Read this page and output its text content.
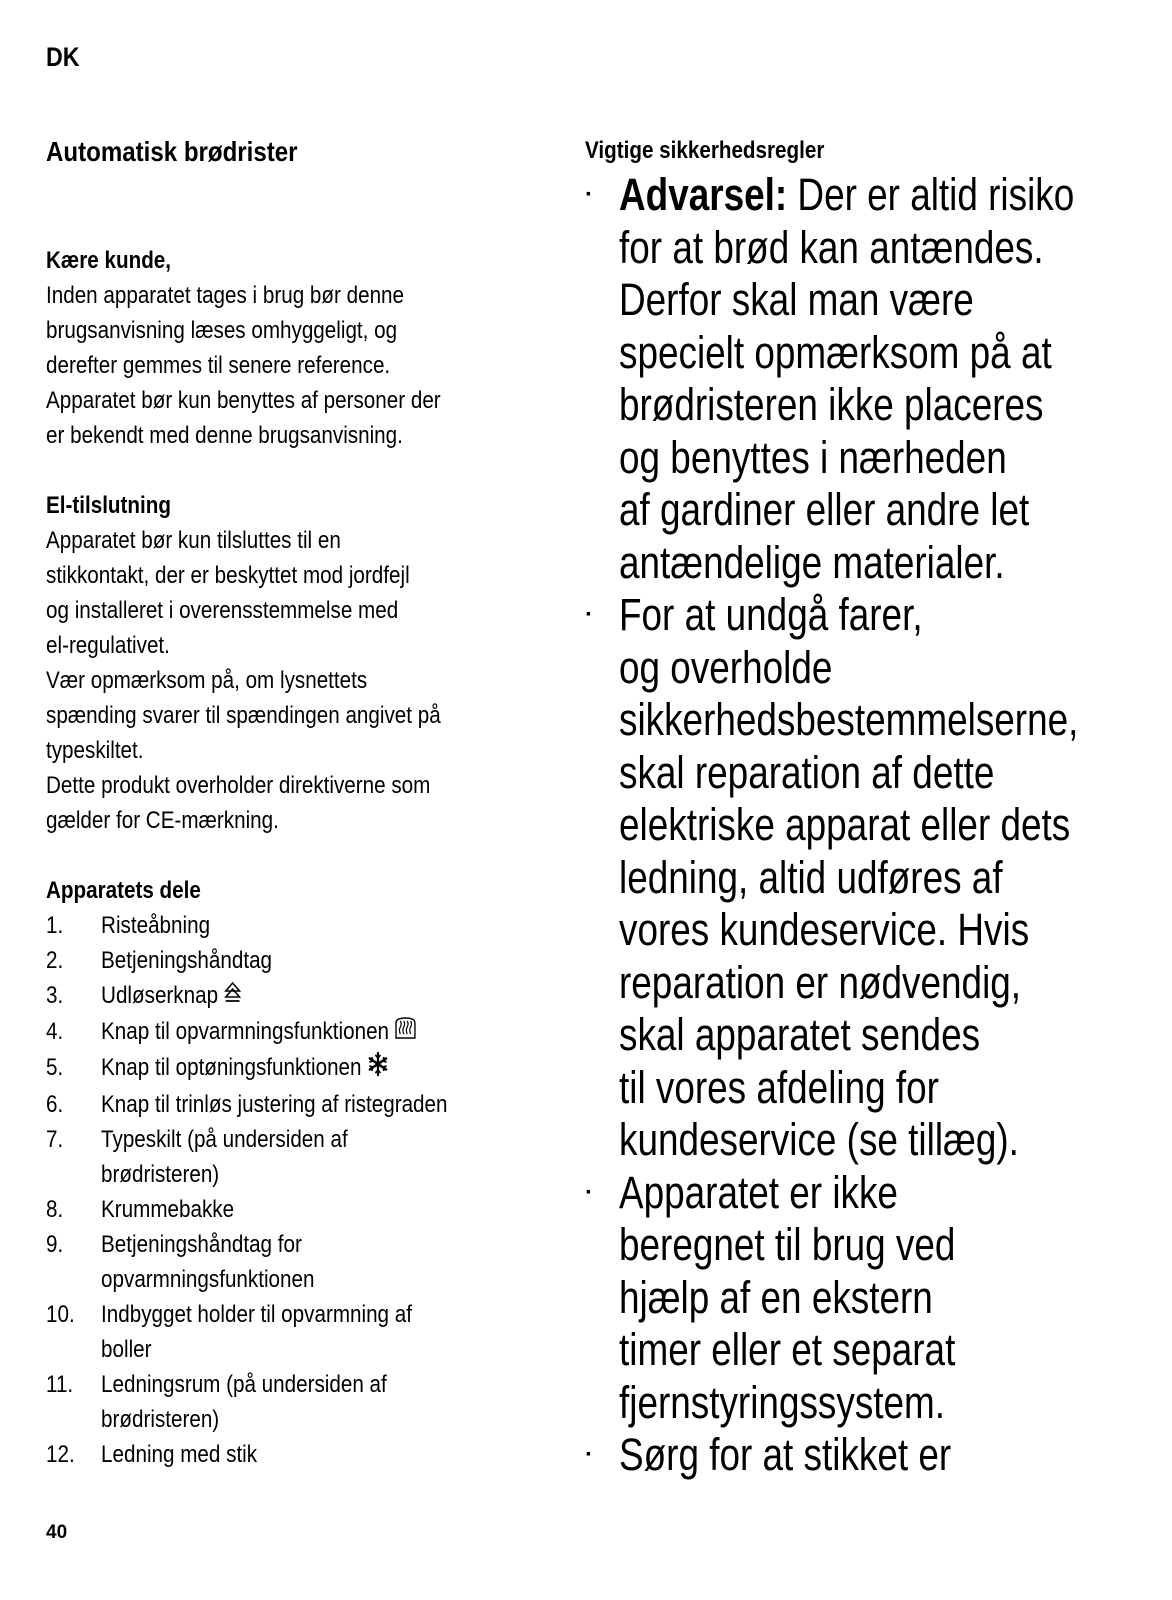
DK
Automatisk brødrister
Kære kunde,

Inden apparatet tages i brug bør denne

brugsanvisning læses omhyggeligt, og

derefter gemmes til senere reference.

Apparatet bør kun benyttes af personer der

er bekendt med denne brugsanvisning.

El-tilslutning

Apparatet bør kun tilsluttes til en

stikkontakt, der er beskyttet mod jordfejl

og installeret i overensstemmelse med

el-regulativet.

Vær opmærksom på, om lysnettets

spænding svarer til spændingen angivet på

typeskiltet.

Dette produkt overholder direktiverne som

gælder for CE-mærkning.

Apparatets dele
1.	Risteåbning
2.	Betjeningshåndtag
3.	Udløserknap
4.	Knap til opvarmningsfunktionen
5.	Knap til optøningsfunktionen
6.	Knap til trinløs justering af ristegraden
7.	Typeskilt (på undersiden af
brødristeren)
8.	Krummebakke
9.	Betjeningshåndtag for
opvarmningsfunktionen
10.	Indbygget holder til opvarmning af
boller
11.	Ledningsrum (på undersiden af
brødristeren)
12.	Ledning med stik
Vigtige sikkerhedsregler
· Advarsel: Der er altid risiko
for at brød kan antændes.
Derfor skal man være
specielt opmærksom på at
brødristeren ikke placeres
og benyttes i nærheden
af gardiner eller andre let
antændelige materialer.
· For at undgå farer,
og overholde
sikkerhedsbestemmelserne,
skal reparation af dette
elektriske apparat eller dets
ledning, altid udføres af
vores kundeservice. Hvis
reparation er nødvendig,
skal apparatet sendes
til vores afdeling for
kundeservice (se tillæg).
· Apparatet er ikke
beregnet til brug ved
hjælp af en ekstern
timer eller et separat
fjernstyringssystem.
· Sørg for at stikket er
40
